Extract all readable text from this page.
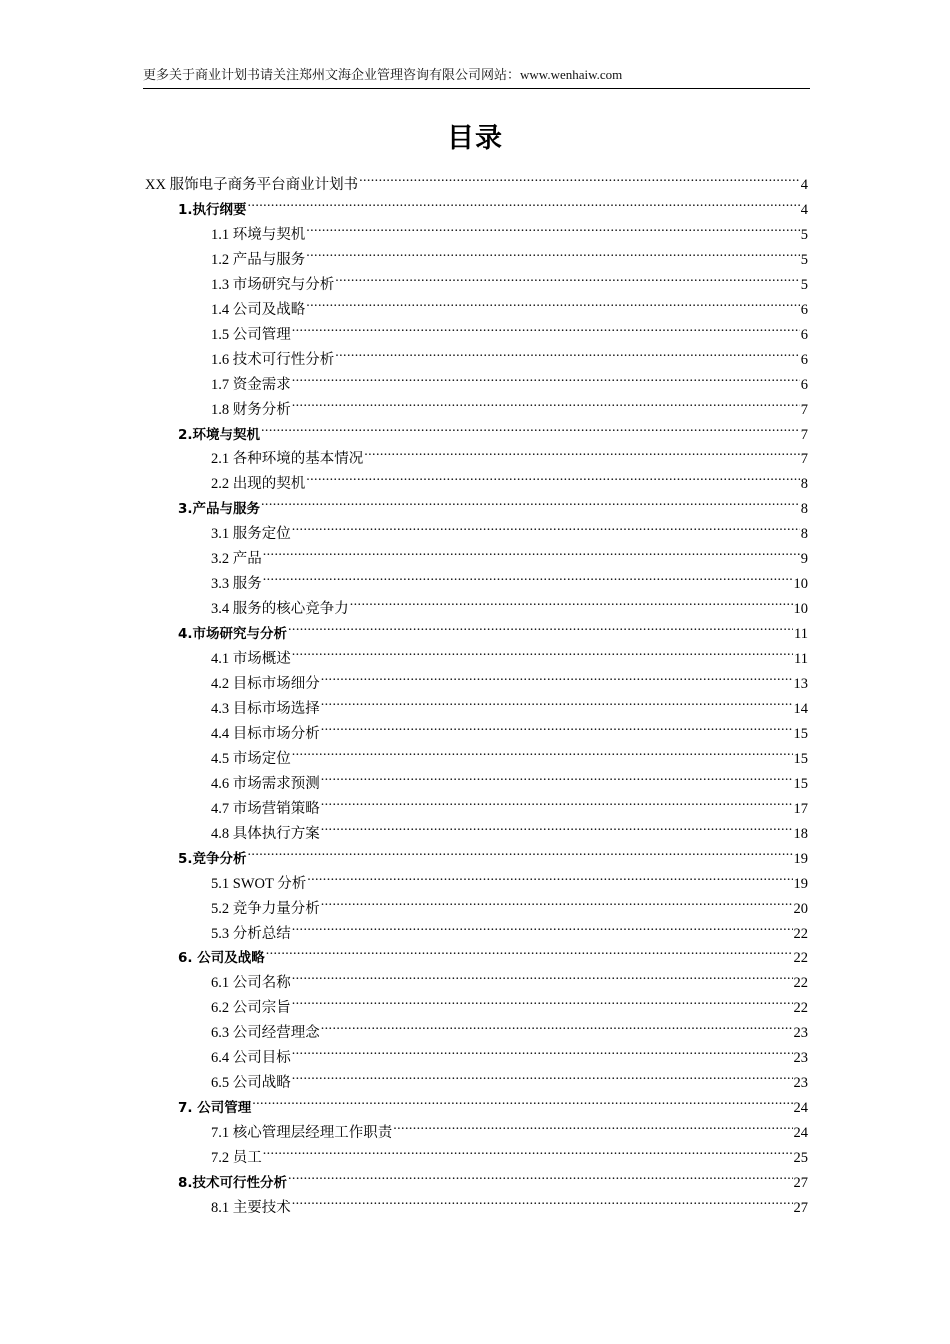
更多关于商业计划书请关注郑州文海企业管理咨询有限公司网站：www.wenhaiw.com
目录
XX 服饰电子商务平台商业计划书 .....	4
1.执行纲要 .....	4
1.1 环境与契机 .....	5
1.2 产品与服务 .....	5
1.3 市场研究与分析 .....	5
1.4 公司及战略 .....	6
1.5 公司管理 .....	6
1.6 技术可行性分析 .....	6
1.7 资金需求 .....	6
1.8 财务分析 .....	7
2.环境与契机 .....	7
2.1 各种环境的基本情况 .....	7
2.2 出现的契机 .....	8
3.产品与服务 .....	8
3.1 服务定位 .....	8
3.2 产品 .....	9
3.3 服务 .....	10
3.4 服务的核心竞争力 .....	10
4.市场研究与分析 .....	11
4.1 市场概述 .....	11
4.2 目标市场细分 .....	13
4.3 目标市场选择 .....	14
4.4 目标市场分析 .....	15
4.5 市场定位 .....	15
4.6 市场需求预测 .....	15
4.7 市场营销策略 .....	17
4.8 具体执行方案 .....	18
5.竞争分析 .....	19
5.1 SWOT 分析 .....	19
5.2 竞争力量分析 .....	20
5.3 分析总结 .....	22
6. 公司及战略 .....	22
6.1 公司名称 .....	22
6.2 公司宗旨 .....	22
6.3 公司经营理念 .....	23
6.4 公司目标 .....	23
6.5 公司战略 .....	23
7. 公司管理 .....	24
7.1 核心管理层经理工作职责 .....	24
7.2 员工 .....	25
8.技术可行性分析 .....	27
8.1 主要技术 .....	27
